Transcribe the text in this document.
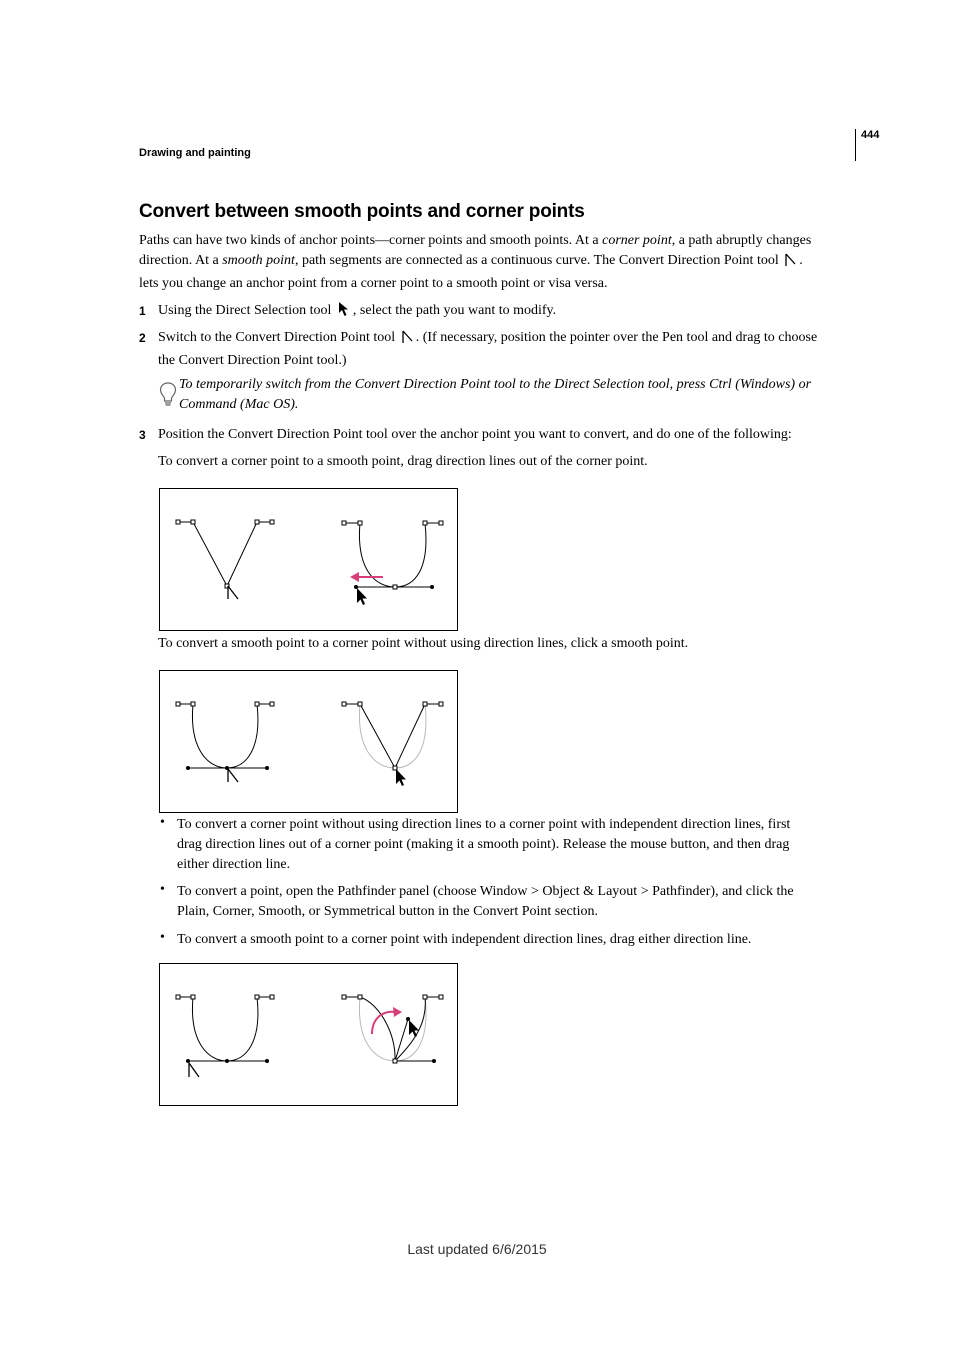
Drawing and painting
444
Convert between smooth points and corner points
Paths can have two kinds of anchor points—corner points and smooth points. At a corner point, a path abruptly changes
direction. At a smooth point, path segments are connected as a continuous curve. The Convert Direction Point tool .
lets you change an anchor point from a corner point to a smooth point or visa versa.
1 Using the Direct Selection tool , select the path you want to modify.
2 Switch to the Convert Direction Point tool . (If necessary, position the pointer over the Pen tool and drag to choose
the Convert Direction Point tool.)
To temporarily switch from the Convert Direction Point tool to the Direct Selection tool, press Ctrl (Windows) or
Command (Mac OS).
3 Position the Convert Direction Point tool over the anchor point you want to convert, and do one of the following:
To convert a corner point to a smooth point, drag direction lines out of the corner point.
To convert a smooth point to a corner point without using direction lines, click a smooth point.
• To convert a corner point without using direction lines to a corner point with independent direction lines, first
drag direction lines out of a corner point (making it a smooth point). Release the mouse button, and then drag
either direction line.
• To convert a point, open the Pathfinder panel (choose Window > Object & Layout > Pathfinder), and click the
Plain, Corner, Smooth, or Symmetrical button in the Convert Point section.
• To convert a smooth point to a corner point with independent direction lines, drag either direction line.
Last updated 6/6/2015
